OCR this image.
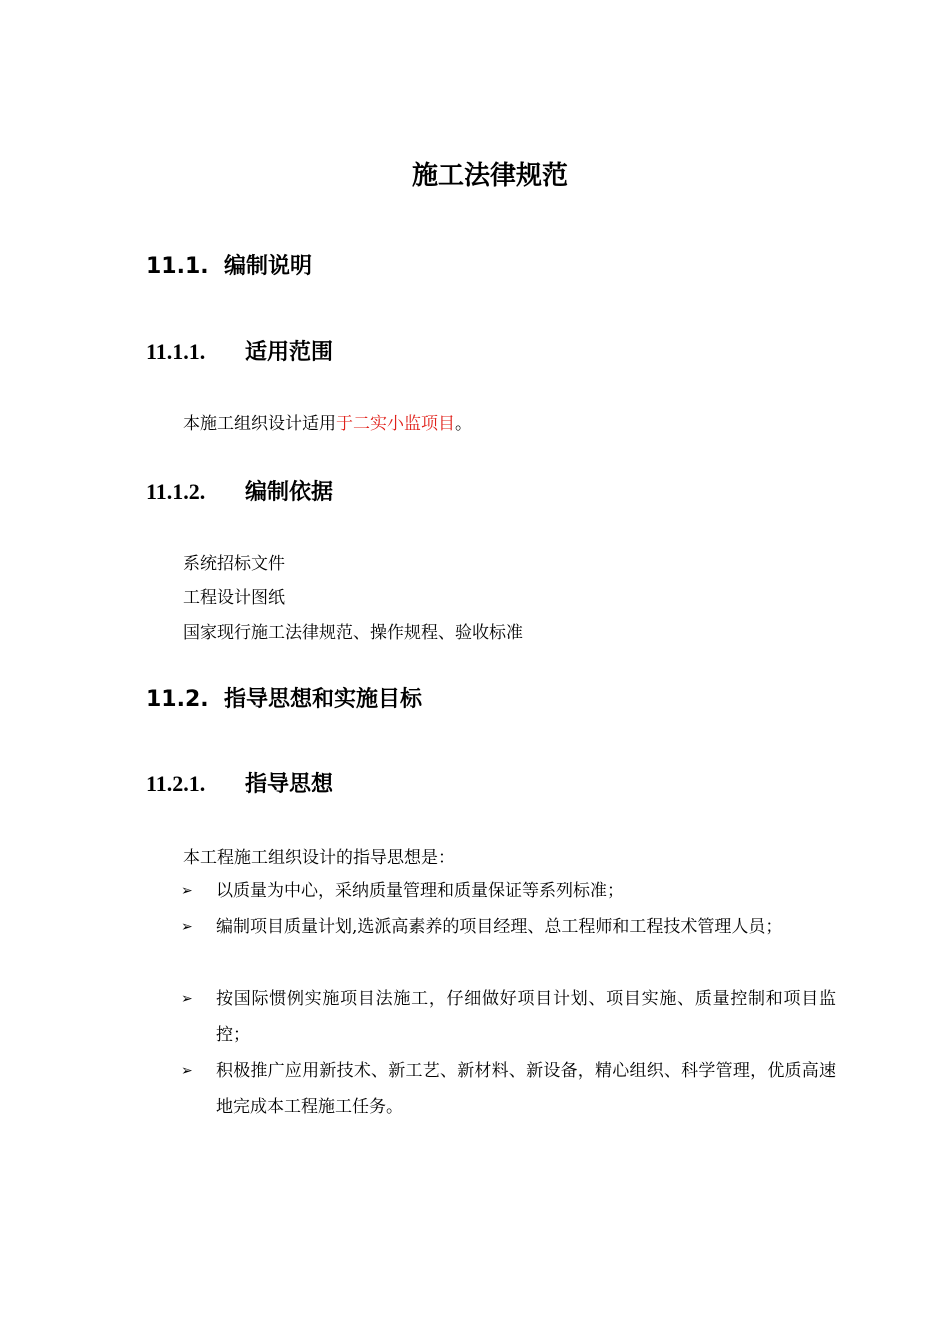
施工法律规范
11.1. 编制说明
11.1.1. 适用范围

本施工组织设计适用于二实小监项目。

11.1.2. 编制依据

系统招标文件

工程设计图纸

国家现行施工法律规范、操作规程、验收标准

11.2. 指导思想和实施目标
11.2.1. 指导思想

本工程施工组织设计的指导思想是：

➢	以质量为中心，采纳质量管理和质量保证等系列标准；
➢	编制项目质量计划,选派高素养的项目经理、总工程师和工程技术管理人员；
➢	按国际惯例实施项目法施工，仔细做好项目计划、项目实施、质量控制和项目监控；
➢	积极推广应用新技术、新工艺、新材料、新设备，精心组织、科学管理，优质高速地完成本工程施工任务。
